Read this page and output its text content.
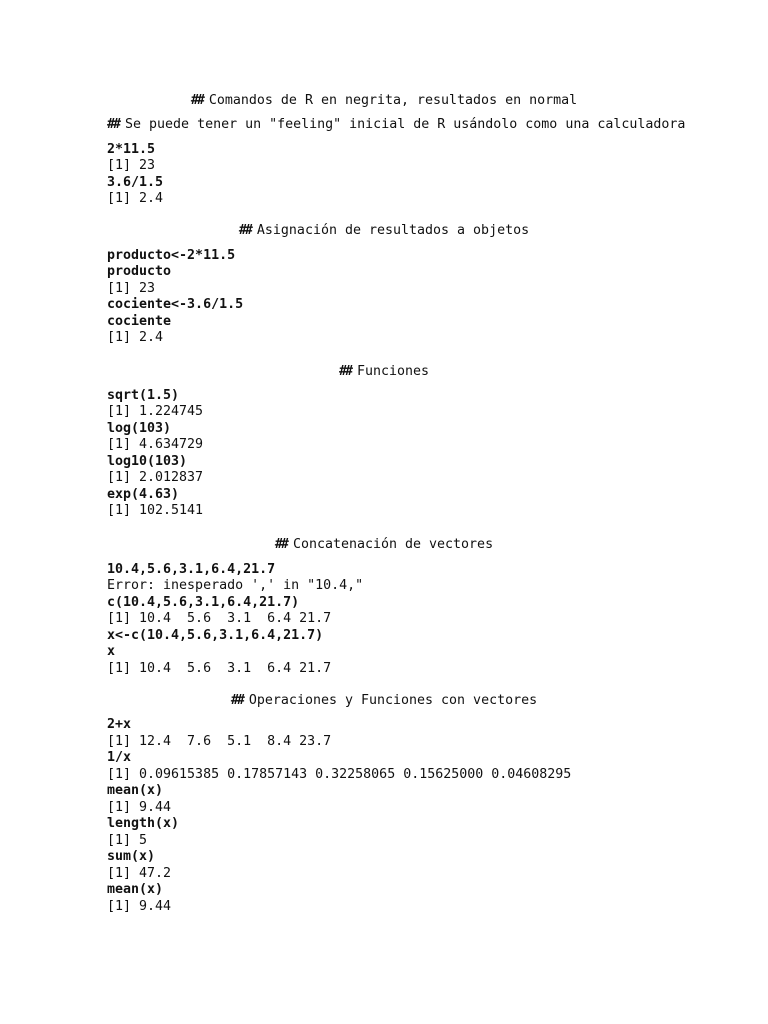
## Comandos de R en negrita, resultados en normal
## Se puede tener un "feeling" inicial de R usándolo como una calculadora
2*11.5
[1] 23
3.6/1.5
[1] 2.4
## Asignación de resultados a objetos
producto<-2*11.5
producto
[1] 23
cociente<-3.6/1.5
cociente
[1] 2.4
## Funciones
sqrt(1.5)
[1] 1.224745
log(103)
[1] 4.634729
log10(103)
[1] 2.012837
exp(4.63)
[1] 102.5141
## Concatenación de vectores
10.4,5.6,3.1,6.4,21.7
Error: inesperado ',' in "10.4,"
c(10.4,5.6,3.1,6.4,21.7)
[1] 10.4  5.6  3.1  6.4 21.7
x<-c(10.4,5.6,3.1,6.4,21.7)
x
[1] 10.4  5.6  3.1  6.4 21.7
## Operaciones y Funciones con vectores
2+x
[1] 12.4  7.6  5.1  8.4 23.7
1/x
[1] 0.09615385 0.17857143 0.32258065 0.15625000 0.04608295
mean(x)
[1] 9.44
length(x)
[1] 5
sum(x)
[1] 47.2
mean(x)
[1] 9.44
